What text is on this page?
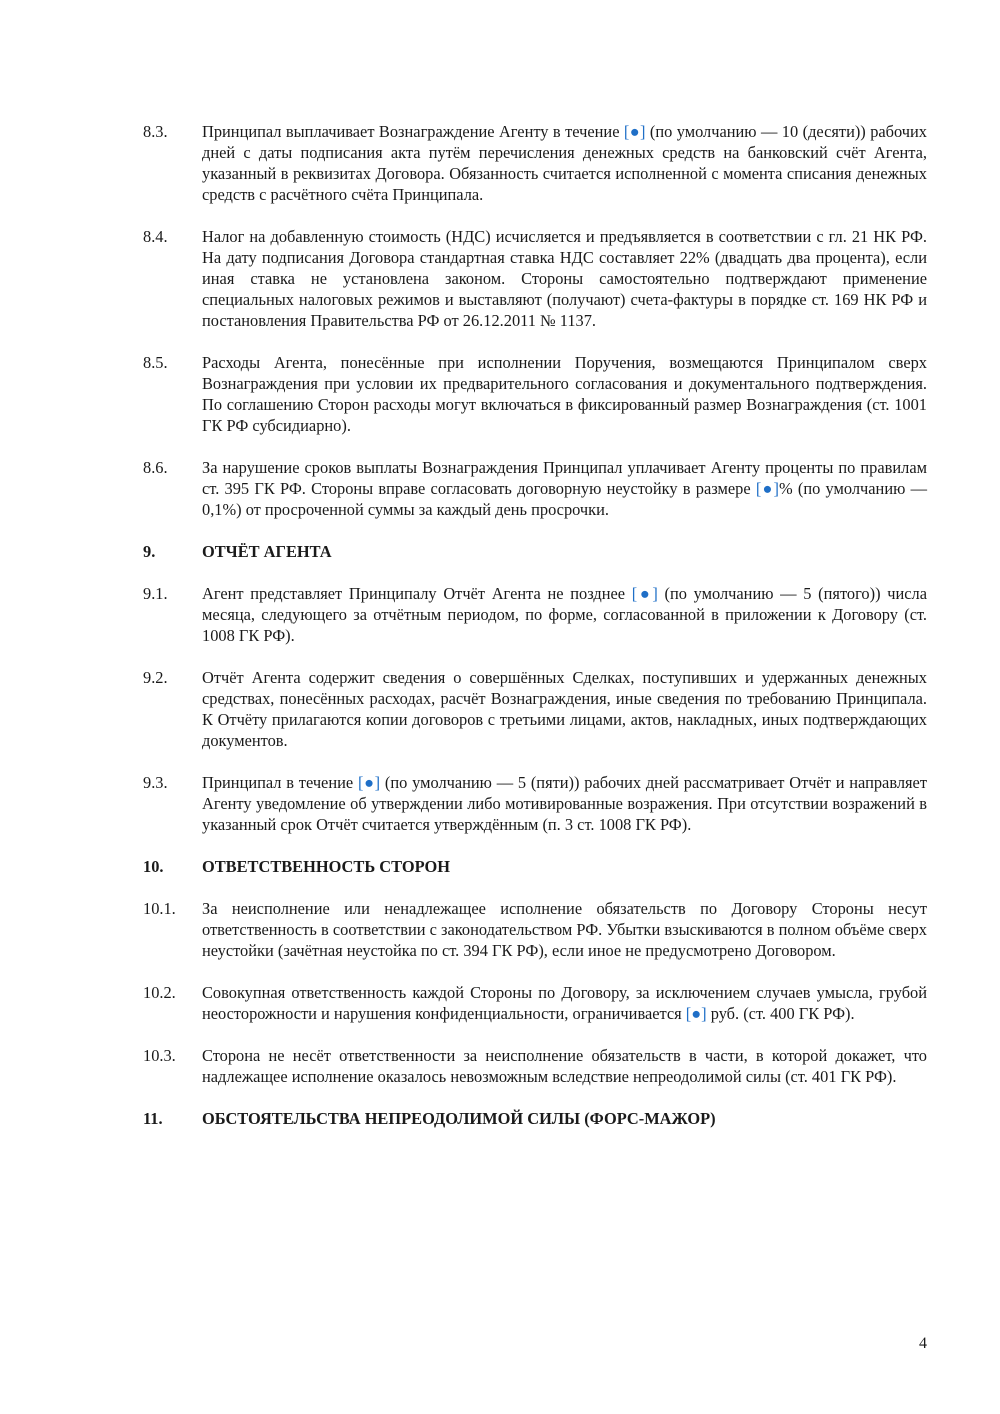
8.3.	Принципал выплачивает Вознаграждение Агенту в течение [●] (по умолчанию — 10 (десяти)) рабочих дней с даты подписания акта путём перечисления денежных средств на банковский счёт Агента, указанный в реквизитах Договора. Обязанность считается исполненной с момента списания денежных средств с расчётного счёта Принципала.
8.4.	Налог на добавленную стоимость (НДС) исчисляется и предъявляется в соответствии с гл. 21 НК РФ. На дату подписания Договора стандартная ставка НДС составляет 22% (двадцать два процента), если иная ставка не установлена законом. Стороны самостоятельно подтверждают применение специальных налоговых режимов и выставляют (получают) счета-фактуры в порядке ст. 169 НК РФ и постановления Правительства РФ от 26.12.2011 № 1137.
8.5.	Расходы Агента, понесённые при исполнении Поручения, возмещаются Принципалом сверх Вознаграждения при условии их предварительного согласования и документального подтверждения. По соглашению Сторон расходы могут включаться в фиксированный размер Вознаграждения (ст. 1001 ГК РФ субсидиарно).
8.6.	За нарушение сроков выплаты Вознаграждения Принципал уплачивает Агенту проценты по правилам ст. 395 ГК РФ. Стороны вправе согласовать договорную неустойку в размере [●]% (по умолчанию — 0,1%) от просроченной суммы за каждый день просрочки.
9.	ОТЧЁТ АГЕНТА
9.1.	Агент представляет Принципалу Отчёт Агента не позднее [●] (по умолчанию — 5 (пятого)) числа месяца, следующего за отчётным периодом, по форме, согласованной в приложении к Договору (ст. 1008 ГК РФ).
9.2.	Отчёт Агента содержит сведения о совершённых Сделках, поступивших и удержанных денежных средствах, понесённых расходах, расчёт Вознаграждения, иные сведения по требованию Принципала. К Отчёту прилагаются копии договоров с третьими лицами, актов, накладных, иных подтверждающих документов.
9.3.	Принципал в течение [●] (по умолчанию — 5 (пяти)) рабочих дней рассматривает Отчёт и направляет Агенту уведомление об утверждении либо мотивированные возражения. При отсутствии возражений в указанный срок Отчёт считается утверждённым (п. 3 ст. 1008 ГК РФ).
10.	ОТВЕТСТВЕННОСТЬ СТОРОН
10.1.	За неисполнение или ненадлежащее исполнение обязательств по Договору Стороны несут ответственность в соответствии с законодательством РФ. Убытки взыскиваются в полном объёме сверх неустойки (зачётная неустойка по ст. 394 ГК РФ), если иное не предусмотрено Договором.
10.2.	Совокупная ответственность каждой Стороны по Договору, за исключением случаев умысла, грубой неосторожности и нарушения конфиденциальности, ограничивается [●] руб. (ст. 400 ГК РФ).
10.3.	Сторона не несёт ответственности за неисполнение обязательств в части, в которой докажет, что надлежащее исполнение оказалось невозможным вследствие непреодолимой силы (ст. 401 ГК РФ).
11.	ОБСТОЯТЕЛЬСТВА НЕПРЕОДОЛИМОЙ СИЛЫ (ФОРС-МАЖОР)
4
